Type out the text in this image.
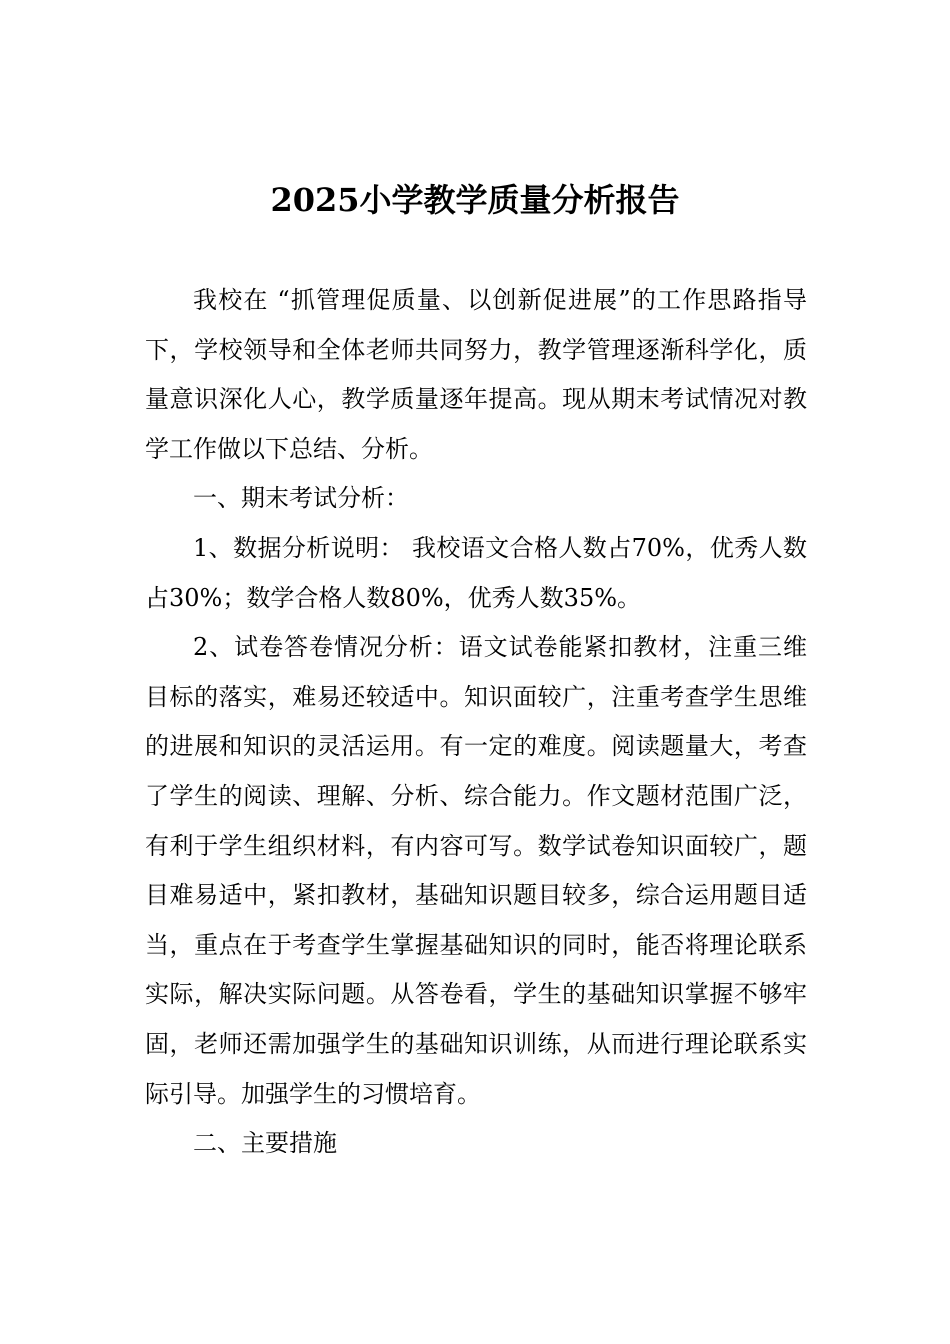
2025小学教学质量分析报告

我校在 “抓管理促质量、以创新促进展”的工作思路指导下，学校领导和全体老师共同努力，教学管理逐渐科学化，质量意识深化人心，教学质量逐年提高。现从期末考试情况对教学工作做以下总结、分析。

一、期末考试分析：

1、数据分析说明： 我校语文合格人数占70%，优秀人数占30%；数学合格人数80%，优秀人数35%。

2、试卷答卷情况分析：语文试卷能紧扣教材，注重三维目标的落实，难易还较适中。知识面较广，注重考查学生思维的进展和知识的灵活运用。有一定的难度。阅读题量大，考查了学生的阅读、理解、分析、综合能力。作文题材范围广泛，有利于学生组织材料，有内容可写。数学试卷知识面较广，题目难易适中，紧扣教材，基础知识题目较多，综合运用题目适当，重点在于考查学生掌握基础知识的同时，能否将理论联系实际，解决实际问题。从答卷看，学生的基础知识掌握不够牢固，老师还需加强学生的基础知识训练，从而进行理论联系实际引导。加强学生的习惯培育。

二、主要措施
